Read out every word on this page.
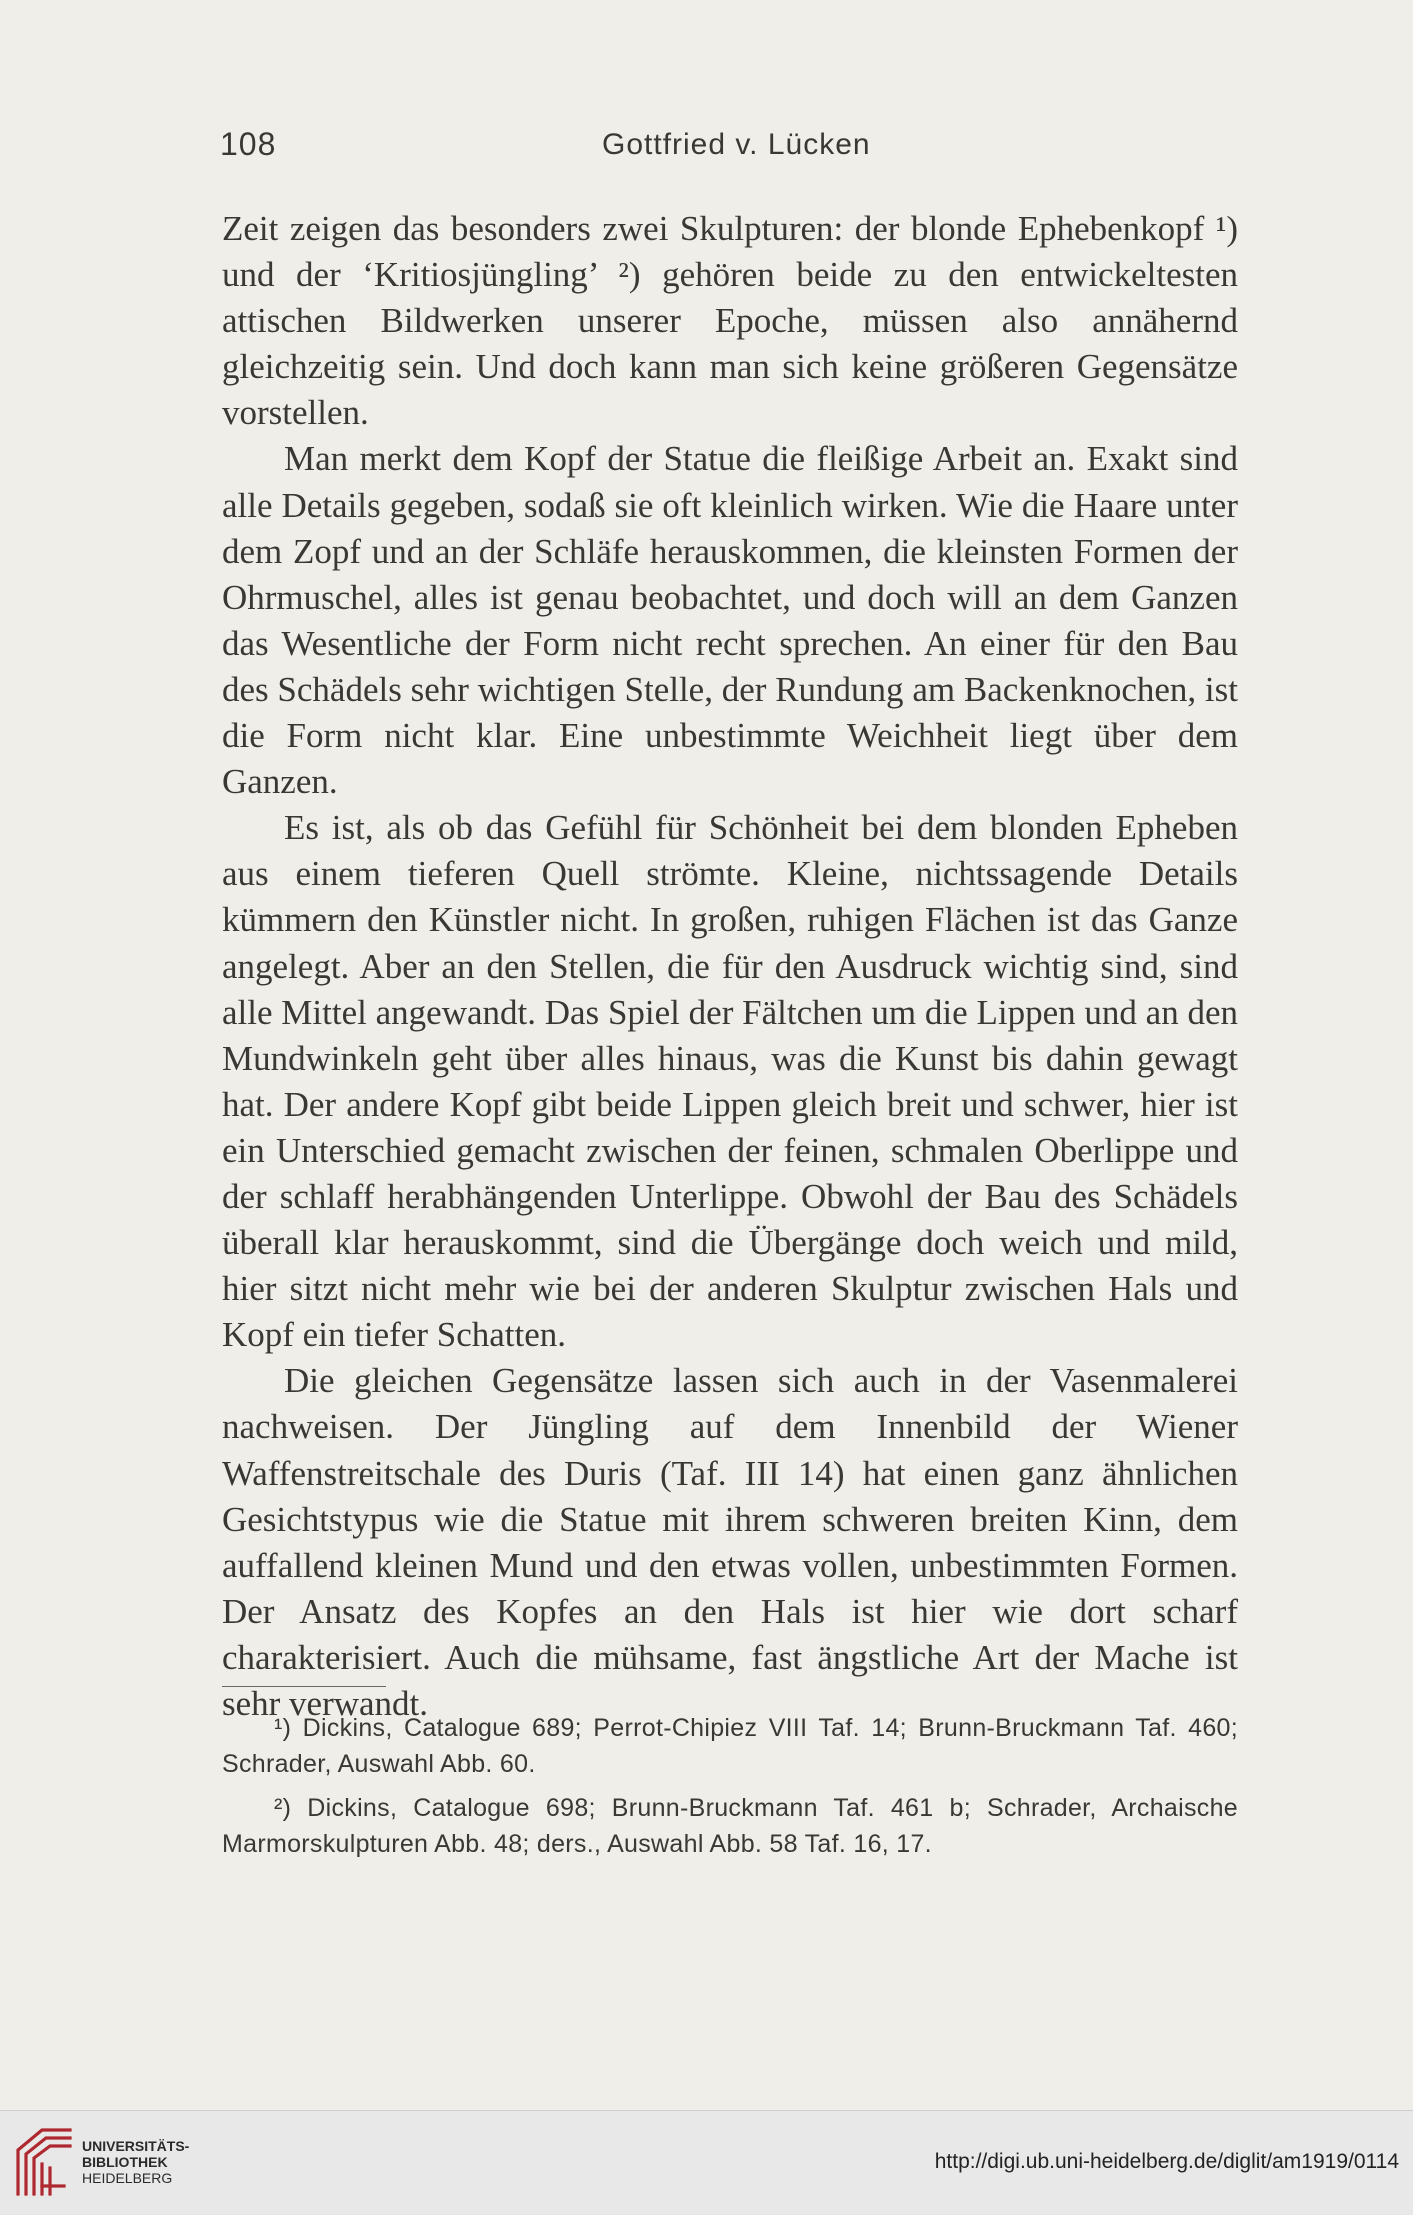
108	Gottfried v. Lücken

Zeit zeigen das besonders zwei Skulpturen: der blonde Ephebenkopf ¹) und der ‘Kritiosjüngling’ ²) gehören beide zu den entwickeltesten attischen Bildwerken unserer Epoche, müssen also annähernd gleichzeitig sein. Und doch kann man sich keine größeren Gegensätze vorstellen.

Man merkt dem Kopf der Statue die fleißige Arbeit an. Exakt sind alle Details gegeben, sodaß sie oft kleinlich wirken. Wie die Haare unter dem Zopf und an der Schläfe herauskommen, die kleinsten Formen der Ohrmuschel, alles ist genau beobachtet, und doch will an dem Ganzen das Wesentliche der Form nicht recht sprechen. An einer für den Bau des Schädels sehr wichtigen Stelle, der Rundung am Backenknochen, ist die Form nicht klar. Eine unbestimmte Weichheit liegt über dem Ganzen.

Es ist, als ob das Gefühl für Schönheit bei dem blonden Epheben aus einem tieferen Quell strömte. Kleine, nichtssagende Details kümmern den Künstler nicht. In großen, ruhigen Flächen ist das Ganze angelegt. Aber an den Stellen, die für den Ausdruck wichtig sind, sind alle Mittel angewandt. Das Spiel der Fältchen um die Lippen und an den Mundwinkeln geht über alles hinaus, was die Kunst bis dahin gewagt hat. Der andere Kopf gibt beide Lippen gleich breit und schwer, hier ist ein Unterschied gemacht zwischen der feinen, schmalen Oberlippe und der schlaff herabhängenden Unterlippe. Obwohl der Bau des Schädels überall klar herauskommt, sind die Übergänge doch weich und mild, hier sitzt nicht mehr wie bei der anderen Skulptur zwischen Hals und Kopf ein tiefer Schatten.

Die gleichen Gegensätze lassen sich auch in der Vasenmalerei nachweisen. Der Jüngling auf dem Innenbild der Wiener Waffenstreitschale des Duris (Taf. III 14) hat einen ganz ähnlichen Gesichtstypus wie die Statue mit ihrem schweren breiten Kinn, dem auffallend kleinen Mund und den etwas vollen, unbestimmten Formen. Der Ansatz des Kopfes an den Hals ist hier wie dort scharf charakterisiert. Auch die mühsame, fast ängstliche Art der Mache ist sehr verwandt.

¹) Dickins, Catalogue 689; Perrot-Chipiez VIII Taf. 14; Brunn-Bruckmann Taf. 460; Schrader, Auswahl Abb. 60.

²) Dickins, Catalogue 698; Brunn-Bruckmann Taf. 461 b; Schrader, Archaische Marmorskulpturen Abb. 48; ders., Auswahl Abb. 58 Taf. 16, 17.

UNIVERSITÄTS-
BIBLIOTHEK
HEIDELBERG
http://digi.ub.uni-heidelberg.de/diglit/am1919/0114
